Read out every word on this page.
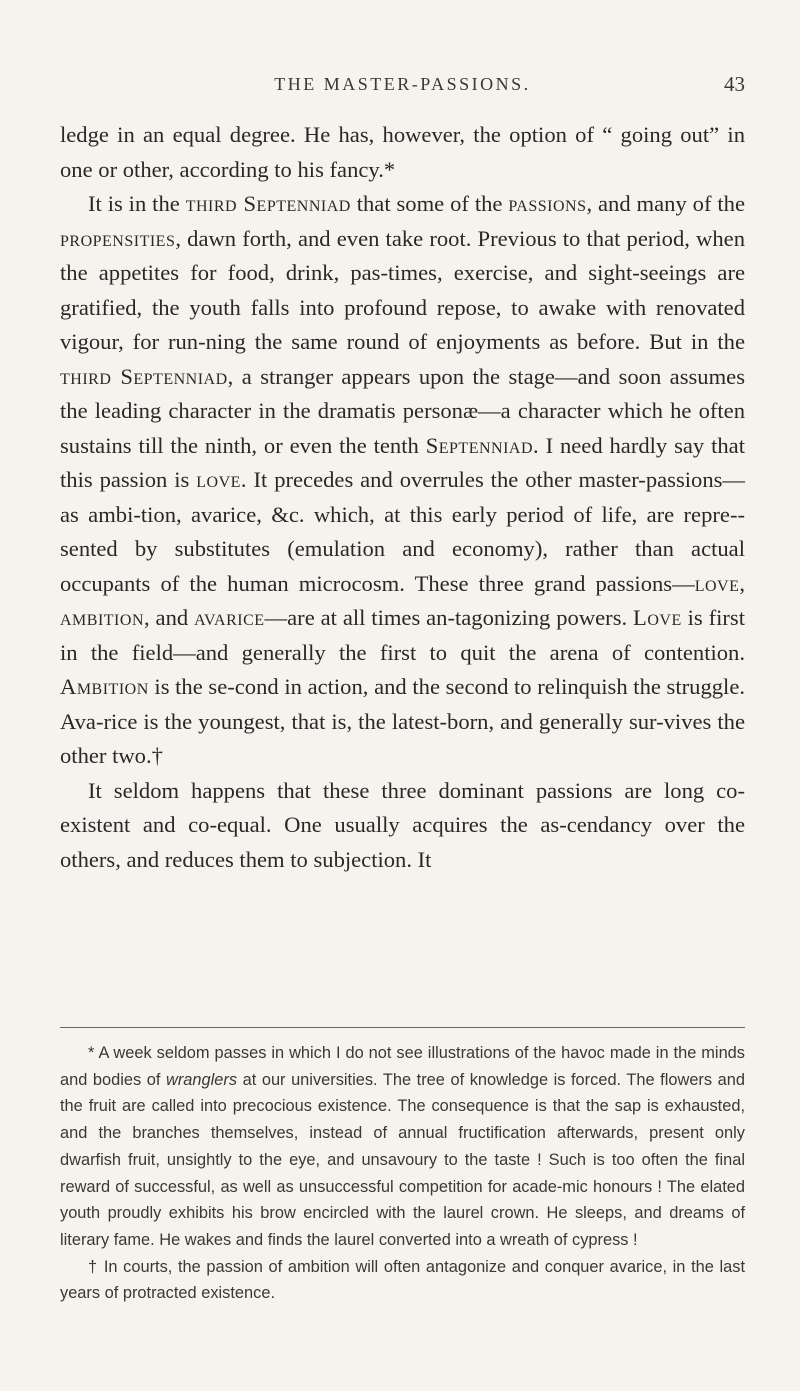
THE MASTER-PASSIONS.	43

ledge in an equal degree. He has, however, the option of “ going out” in one or other, according to his fancy.*

It is in the third Septenniad that some of the passions, and many of the propensities, dawn forth, and even take root. Previous to that period, when the appetites for food, drink, pas-times, exercise, and sight-seeings are gratified, the youth falls into profound repose, to awake with renovated vigour, for run-ning the same round of enjoyments as before. But in the third Septenniad, a stranger appears upon the stage—and soon assumes the leading character in the dramatis personæ—a character which he often sustains till the ninth, or even the tenth Septenniad. I need hardly say that this passion is love. It precedes and overrules the other master-passions—as ambi-tion, avarice, &c. which, at this early period of life, are repre-sented by substitutes (emulation and economy), rather than actual occupants of the human microcosm. These three grand passions—love, ambition, and avarice—are at all times an-tagonizing powers. Love is first in the field—and generally the first to quit the arena of contention. Ambition is the se-cond in action, and the second to relinquish the struggle. Ava-rice is the youngest, that is, the latest-born, and generally sur-vives the other two.†

It seldom happens that these three dominant passions are long co-existent and co-equal. One usually acquires the as-cendancy over the others, and reduces them to subjection. It

* A week seldom passes in which I do not see illustrations of the havoc made in the minds and bodies of wranglers at our universities. The tree of knowledge is forced. The flowers and the fruit are called into precocious existence. The consequence is that the sap is exhausted, and the branches themselves, instead of annual fructification afterwards, present only dwarfish fruit, unsightly to the eye, and unsavoury to the taste ! Such is too often the final reward of successful, as well as unsuccessful competition for acade-mic honours ! The elated youth proudly exhibits his brow encircled with the laurel crown. He sleeps, and dreams of literary fame. He wakes and finds the laurel converted into a wreath of cypress !

† In courts, the passion of ambition will often antagonize and conquer avarice, in the last years of protracted existence.
